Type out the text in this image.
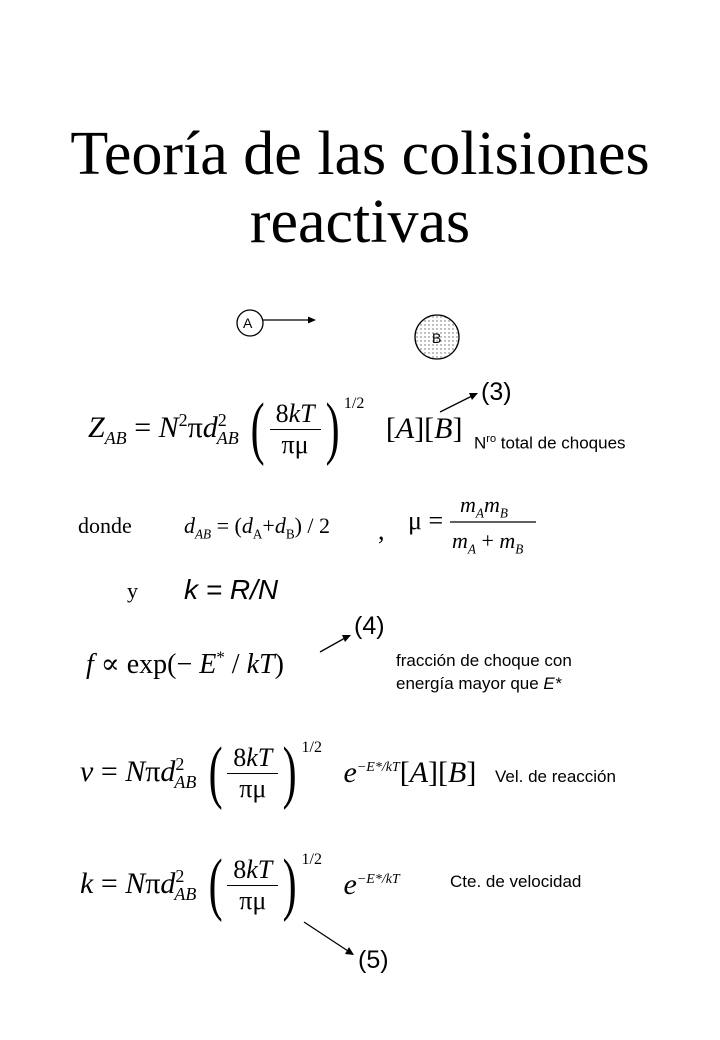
Teoría de las colisiones
reactivas
A
B
(3)
$Z_{AB} = N^2\pi d^2_{AB}$ ( $\frac{8kT}{\pi\mu}$ ) $^{1/2}$ [A][B] $N^{ro}$ total de choques
donde $d_{AB} = (d_A+d_B) / 2$ , μ =
$m_Am_B$
$m_A + m_B$
y k = R/N
(4)
f ∝ exp(− E* / kT)	fracción de choque con
energía mayor que E*
v = Nπd$^2_{AB}$ ( $\frac{8kT}{\pi\mu}$ ) $^{1/2}$ $e^{-E*/kT}[A][B]$ Vel. de reacción
k = Nπd$^2_{AB}$ ( $\frac{8kT}{\pi\mu}$ ) $^{1/2}$ $e^{-E*/kT}$	Cte. de velocidad
(5)
